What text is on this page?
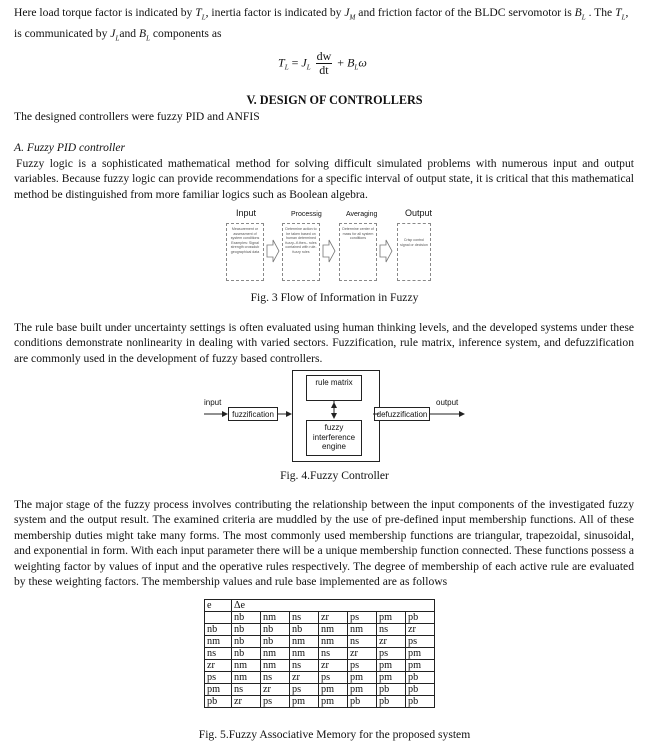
Here load torque factor is indicated by $T_L$, inertia factor is indicated by $J_M$ and friction factor of the BLDC servomotor is $B_L$ . The $T_L$,
is communicated by $J_Land$ $B_L$ components as
$T_L = J_L \frac{dw}{dt} + B_L\omega$
V. DESIGN OF CONTROLLERS
The designed controllers were fuzzy PID and ANFIS
A. Fuzzy PID controller
Fuzzy logic is a sophisticated mathematical method for solving difficult simulated problems with numerous input and output variables. Because fuzzy logic can provide recommendations for a specific interval of output state, it is critical that this mathematical method be distinguished from more familiar logics such as Boolean algebra.
Input	Processig	Averaging	Output
Measurement or assessment of system conditions Examples: Signal strength crossdub geographical data
Determine action to be taken based on human determined fuzzy–if-then– rules contained with rule-fuzzy rules
Determine center of mass for all system conditions	Crisp control signal or decision
Fig. 3 Flow of Information in Fuzzy
The rule base built under uncertainty settings is often evaluated using human thinking levels, and the developed systems under these conditions demonstrate nonlinearity in dealing with varied sectors. Fuzzification, rule matrix, inference system, and defuzzification are commonly used in the development of fuzzy based controllers.
rule matrix
fuzzy interference engine
fuzzification	defuzzification
input	output
Fig. 4.Fuzzy Controller
The major stage of the fuzzy process involves contributing the relationship between the input components of the investigated fuzzy system and the output result. The examined criteria are muddled by the use of pre-defined input membership functions. All of these membership duties might take many forms. The most commonly used membership functions are triangular, trapezoidal, sinusoidal, and exponential in form. With each input parameter there will be a unique membership function connected. These functions possess a weighting factor by values of input and the operative rules respectively. The degree of membership of each active rule are evaluated by these weighting factors. The membership values and rule base implemented are as follows
e	Δe						
	nb	nm	ns	zr	ps	pm	pb
nb	nb	nb	nb	nm	nm	ns	zr
nm	nb	nb	nm	nm	ns	zr	ps
ns	nb	nm	nm	ns	zr	ps	pm
zr	nm	nm	ns	zr	ps	pm	pm
ps	nm	ns	zr	ps	pm	pm	pb
pm	ns	zr	ps	pm	pm	pb	pb
pb	zr	ps	pm	pm	pb	pb	pb
Fig. 5.Fuzzy Associative Memory for the proposed system
